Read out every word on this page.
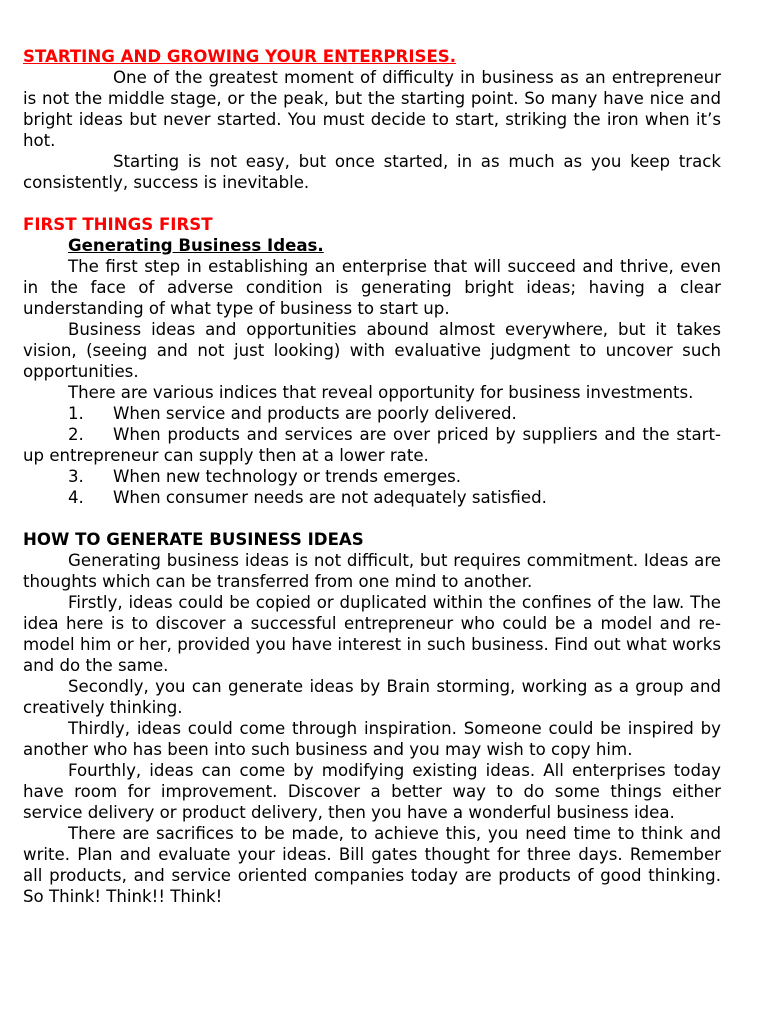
STARTING AND GROWING YOUR ENTERPRISES.

One of the greatest moment of difficulty in business as an entrepreneur is not the middle stage, or the peak, but the starting point. So many have nice and bright ideas but never started. You must decide to start, striking the iron when it’s hot.

Starting is not easy, but once started, in as much as you keep track consistently, success is inevitable.

FIRST THINGS FIRST

Generating Business Ideas.

The first step in establishing an enterprise that will succeed and thrive, even in the face of adverse condition is generating bright ideas; having a clear understanding of what type of business to start up.

Business ideas and opportunities abound almost everywhere, but it takes vision, (seeing and not just looking) with evaluative judgment to uncover such opportunities.

There are various indices that reveal opportunity for business investments.

1. When service and products are poorly delivered.
2. When products and services are over priced by suppliers and the start-up entrepreneur can supply then at a lower rate.
3. When new technology or trends emerges.
4. When consumer needs are not adequately satisfied.

HOW TO GENERATE BUSINESS IDEAS

Generating business ideas is not difficult, but requires commitment. Ideas are thoughts which can be transferred from one mind to another.

Firstly, ideas could be copied or duplicated within the confines of the law. The idea here is to discover a successful entrepreneur who could be a model and re-model him or her, provided you have interest in such business. Find out what works and do the same.

Secondly, you can generate ideas by Brain storming, working as a group and creatively thinking.

Thirdly, ideas could come through inspiration. Someone could be inspired by another who has been into such business and you may wish to copy him.

Fourthly, ideas can come by modifying existing ideas. All enterprises today have room for improvement. Discover a better way to do some things either service delivery or product delivery, then you have a wonderful business idea.

There are sacrifices to be made, to achieve this, you need time to think and write. Plan and evaluate your ideas. Bill gates thought for three days. Remember all products, and service oriented companies today are products of good thinking. So Think! Think!! Think!
